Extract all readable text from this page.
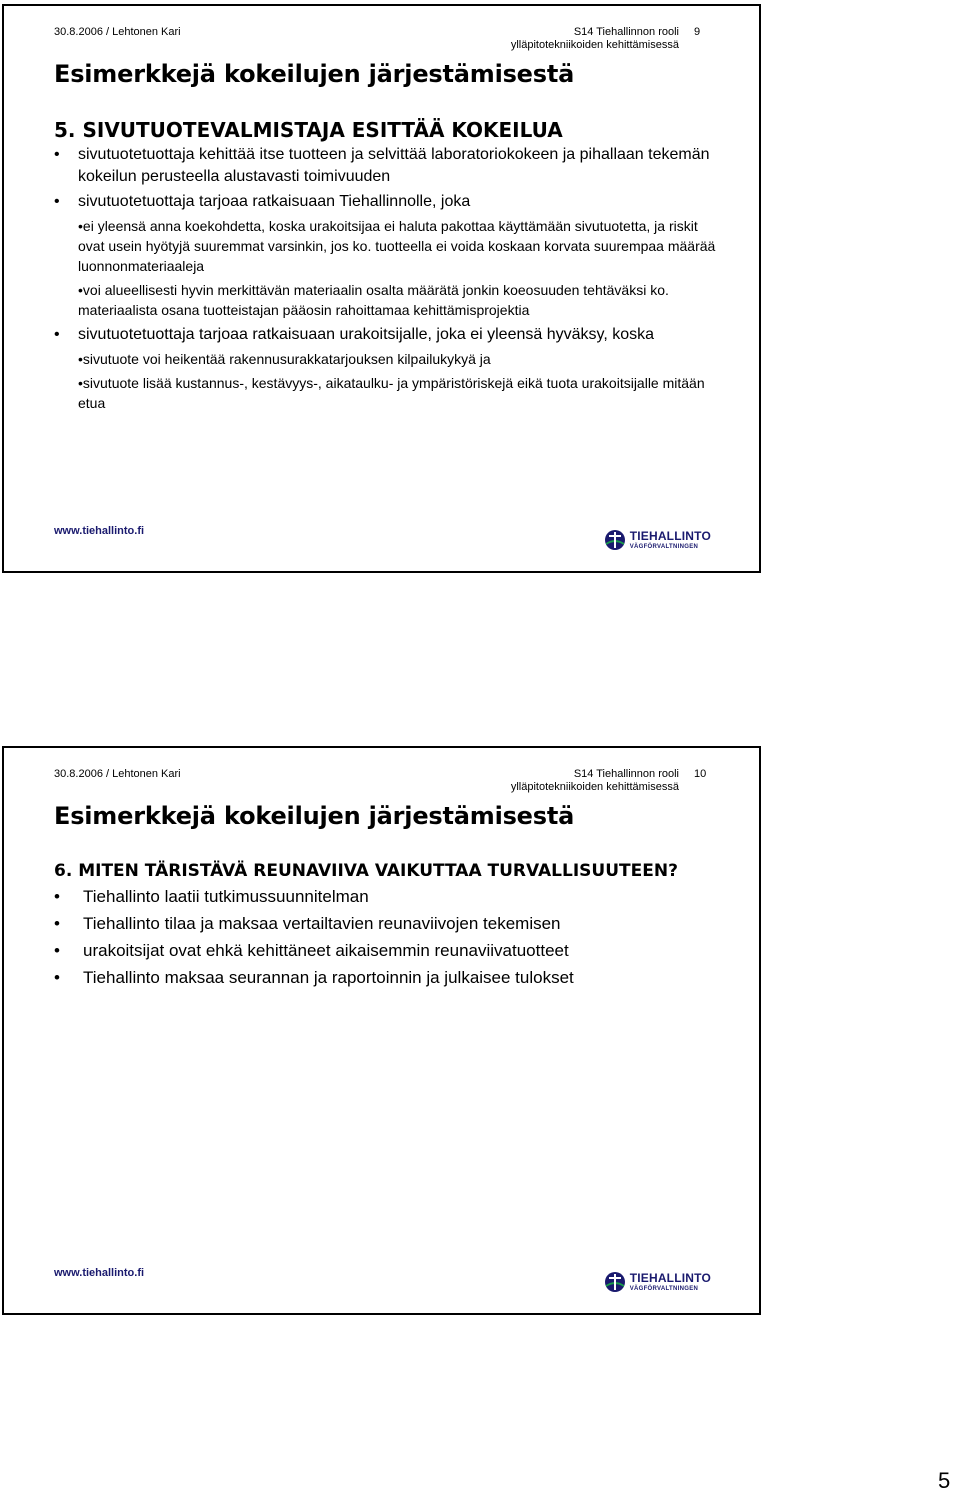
30.8.2006 / Lehtonen Kari	S14 Tiehallinnon rooli ylläpitotekniikoiden kehittämisessä
9
Esimerkkejä kokeilujen järjestämisestä
5. SIVUTUOTEVALMISTAJA ESITTÄÄ KOKEILUA
• sivutuotetuottaja kehittää itse tuotteen ja selvittää laboratoriokokeen ja pihallaan tekemän kokeilun perusteella alustavasti toimivuuden
• sivutuotetuottaja tarjoaa ratkaisuaan Tiehallinnolle, joka
•ei yleensä anna koekohdetta, koska urakoitsijaa ei haluta pakottaa käyttämään sivutuotetta, ja riskit ovat usein hyötyjä suuremmat varsinkin, jos ko. tuotteella ei voida koskaan korvata suurempaa määrää luonnonmateriaaleja
•voi alueellisesti hyvin merkittävän materiaalin osalta määrätä jonkin koeosuuden tehtäväksi ko. materiaalista osana tuotteistajan pääosin rahoittamaa kehittämisprojektia
• sivutuotetuottaja tarjoaa ratkaisuaan urakoitsijalle, joka ei yleensä hyväksy, koska
•sivutuote voi heikentää rakennusurakkatarjouksen kilpailukykyä ja
•sivutuote lisää kustannus-, kestävyys-, aikataulku- ja ympäristöriskejä eikä tuota urakoitsijalle mitään etua
www.tiehallinto.fi	TIEHALLINTO
VÄGFÖRVALTNINGEN
30.8.2006 / Lehtonen Kari	S14 Tiehallinnon rooli ylläpitotekniikoiden kehittämisessä
10
Esimerkkejä kokeilujen järjestämisestä
6. MITEN TÄRISTÄVÄ REUNAVIIVA VAIKUTTAA TURVALLISUUTEEN?
• Tiehallinto laatii tutkimussuunnitelman
• Tiehallinto tilaa ja maksaa vertailtavien reunaviivojen tekemisen
• urakoitsijat ovat ehkä kehittäneet aikaisemmin reunaviivatuotteet
• Tiehallinto maksaa seurannan ja raportoinnin ja julkaisee tulokset
www.tiehallinto.fi	TIEHALLINTO
VÄGFÖRVALTNINGEN
5
